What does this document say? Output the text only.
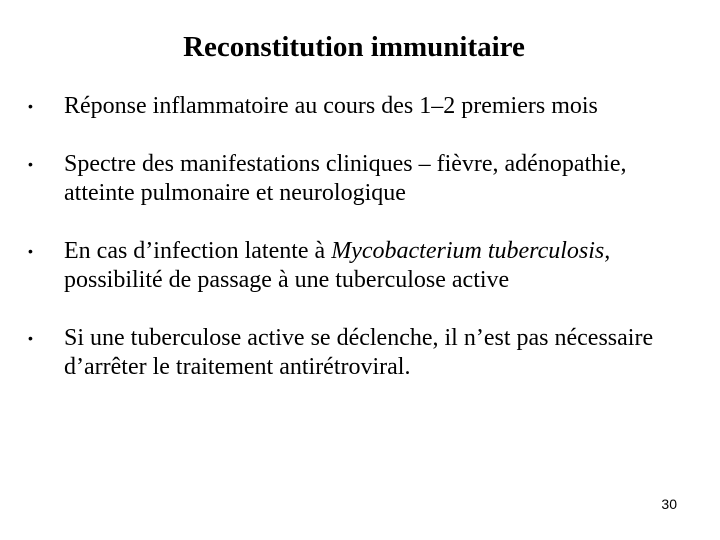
Reconstitution immunitaire
• Réponse inflammatoire au cours des 1–2 premiers mois
• Spectre des manifestations cliniques – fièvre, adénopathie, atteinte pulmonaire et neurologique
• En cas d’infection latente à Mycobacterium tuberculosis, possibilité de passage à une tuberculose active
• Si une tuberculose active se déclenche, il n’est pas nécessaire d’arrêter le traitement antirétroviral.
30
